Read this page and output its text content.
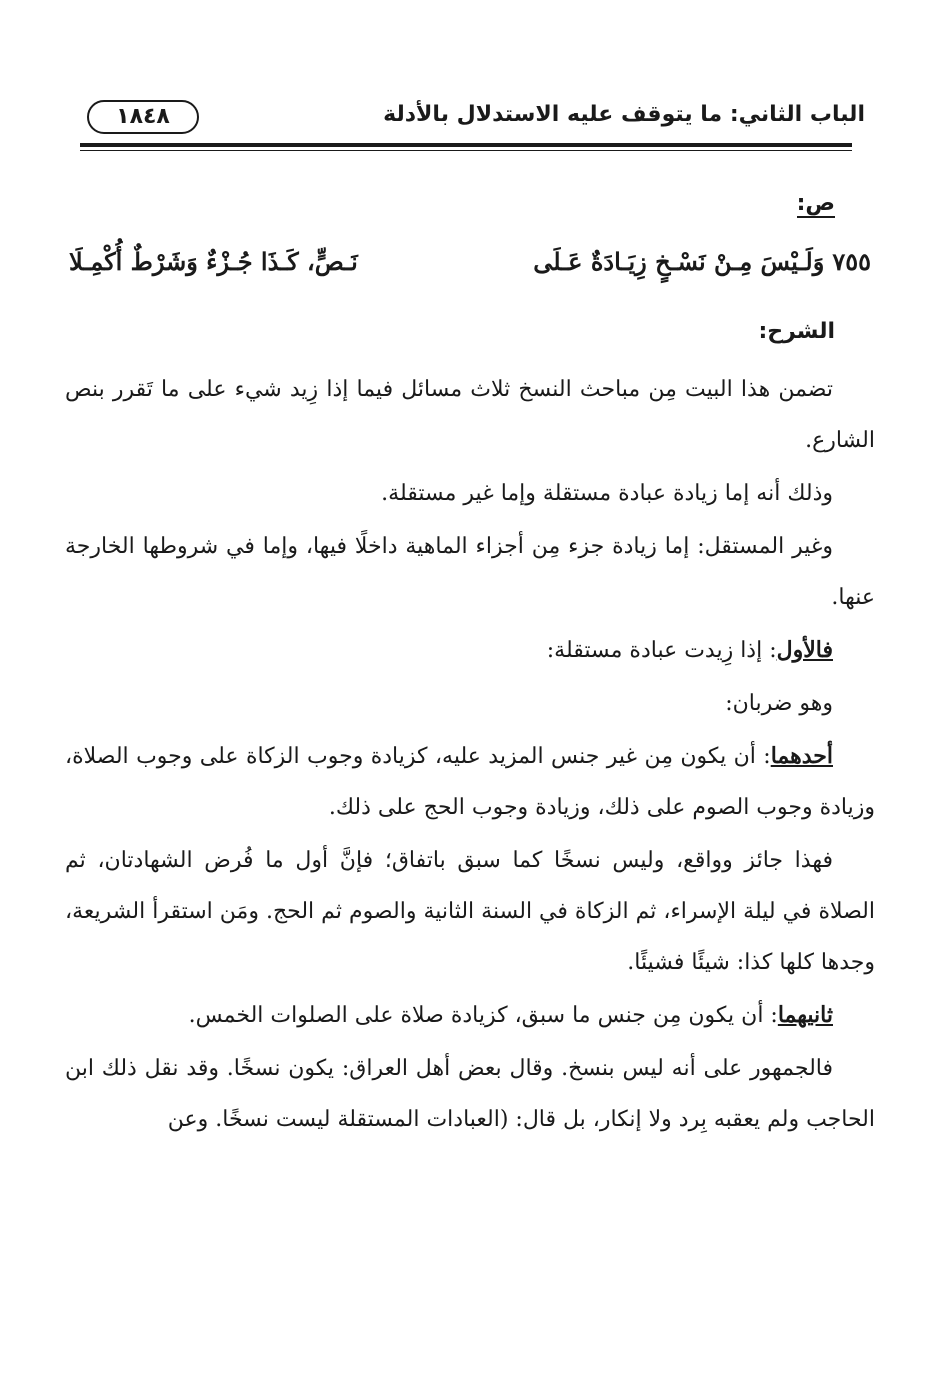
١٨٤٨	الباب الثاني: ما يتوقف عليه الاستدلال بالأدلة
ص:
٧٥٥وَلَـيْسَ مِـنْ نَسْـخٍ زِيَـادَةٌ عَـلَى
نَـصٍّ، كَـذَا جُـزْءٌ وَشَرْطٌ أُكْمِـلَا
الشرح:

تضمن هذا البيت مِن مباحث النسخ ثلاث مسائل فيما إذا زِيد شيء على ما تَقرر بنص الشارع.

وذلك أنه إما زيادة عبادة مستقلة وإما غير مستقلة.

وغير المستقل: إما زيادة جزء مِن أجزاء الماهية داخلًا فيها، وإما في شروطها الخارجة عنها.

فالأول: إذا زِيدت عبادة مستقلة:

وهو ضربان:

أحدهما: أن يكون مِن غير جنس المزيد عليه، كزيادة وجوب الزكاة على وجوب الصلاة، وزيادة وجوب الصوم على ذلك، وزيادة وجوب الحج على ذلك.

فهذا جائز وواقع، وليس نسخًا كما سبق باتفاق؛ فإنَّ أول ما فُرض الشهادتان، ثم الصلاة في ليلة الإسراء، ثم الزكاة في السنة الثانية والصوم ثم الحج. ومَن استقرأ الشريعة، وجدها كلها كذا: شيئًا فشيئًا.

ثانيهما: أن يكون مِن جنس ما سبق، كزيادة صلاة على الصلوات الخمس.

فالجمهور على أنه ليس بنسخ. وقال بعض أهل العراق: يكون نسخًا. وقد نقل ذلك ابن الحاجب ولم يعقبه بِرد ولا إنكار، بل قال: (العبادات المستقلة ليست نسخًا. وعن
